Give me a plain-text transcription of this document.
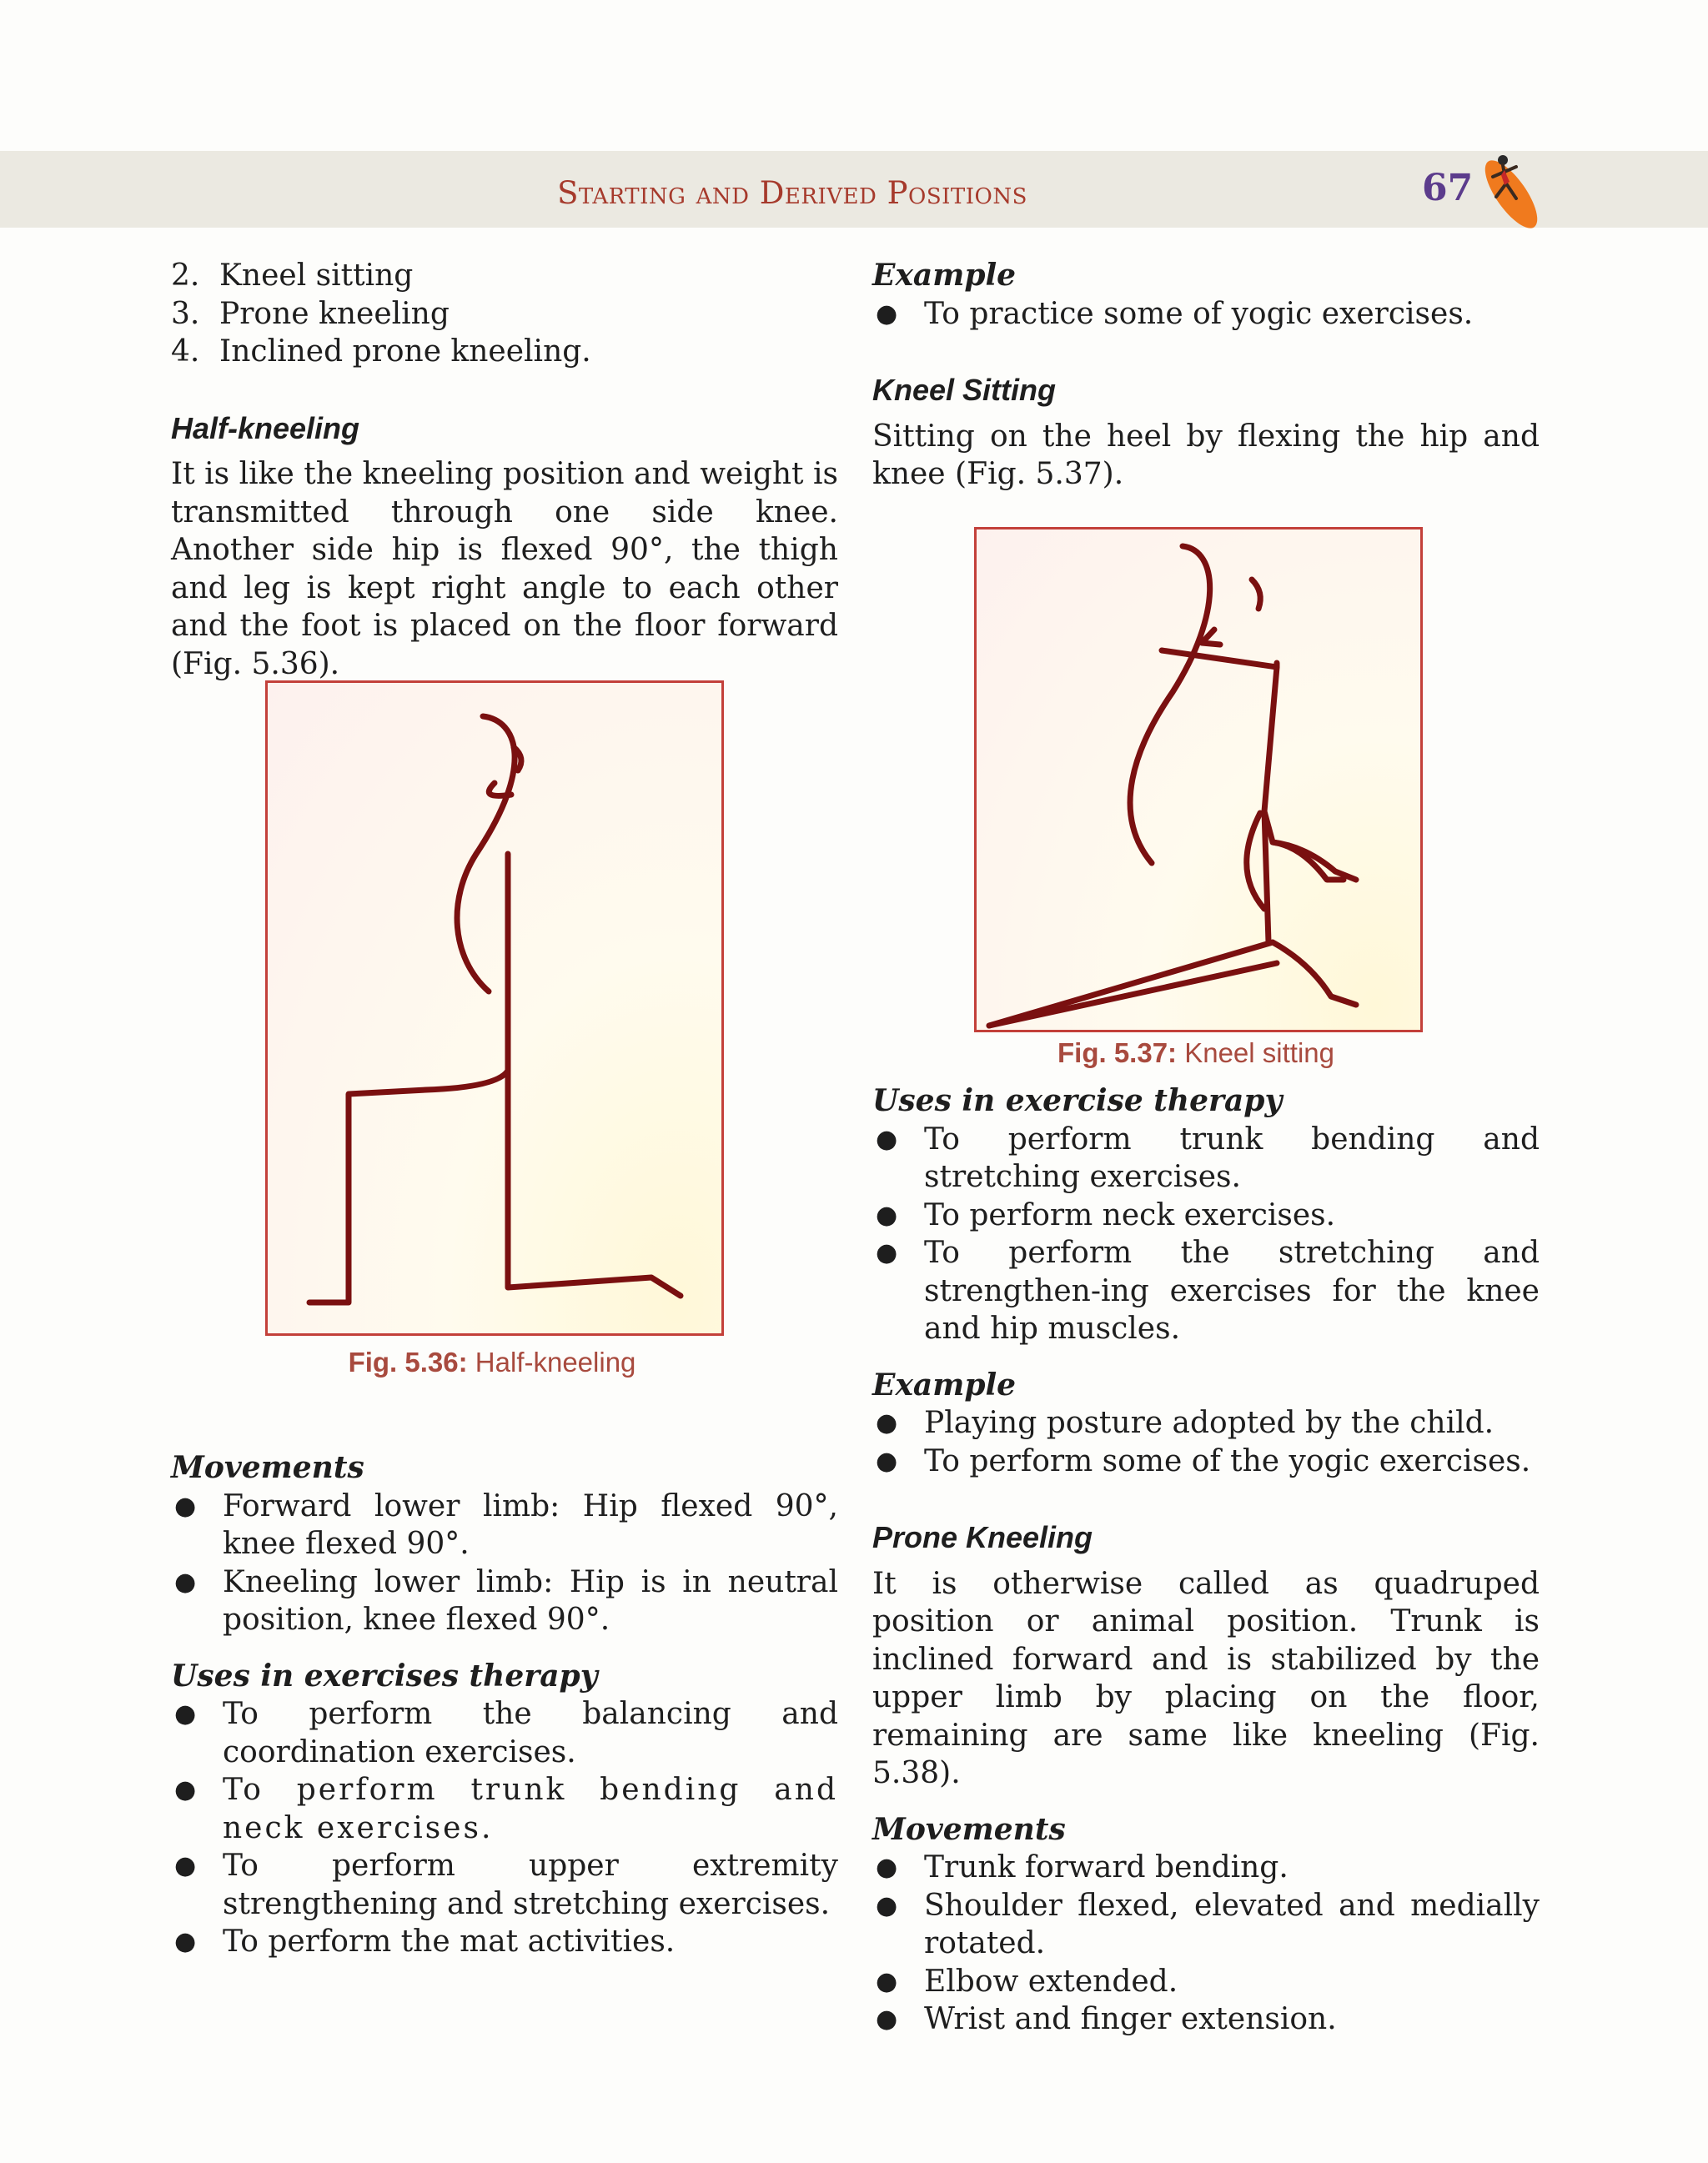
Starting and Derived Positions	67
2. Kneel sitting
3. Prone kneeling
4. Inclined prone kneeling.
Half-kneeling

It is like the kneeling position and weight is transmitted through one side knee. Another side hip is flexed 90°, the thigh and leg is kept right angle to each other and the foot is placed on the floor forward (Fig. 5.36).

Fig. 5.36: Half-kneeling
Movements
● Forward lower limb: Hip flexed 90°, knee flexed 90°.
● Kneeling lower limb: Hip is in neutral position, knee flexed 90°.
Uses in exercises therapy
● To perform the balancing and coordination exercises.
● To perform trunk bending and neck exercises.
● To perform upper extremity strengthening and stretching exercises.
● To perform the mat activities.
Example
● To practice some of yogic exercises.
Kneel Sitting

Sitting on the heel by flexing the hip and knee (Fig. 5.37).

Fig. 5.37: Kneel sitting
Uses in exercise therapy
● To perform trunk bending and stretching exercises.
● To perform neck exercises.
● To perform the stretching and strengthen-ing exercises for the knee and hip muscles.
Example
● Playing posture adopted by the child.
● To perform some of the yogic exercises.
Prone Kneeling

It is otherwise called as quadruped position or animal position. Trunk is inclined forward and is stabilized by the upper limb by placing on the floor, remaining are same like kneeling (Fig. 5.38).

Movements
● Trunk forward bending.
● Shoulder flexed, elevated and medially rotated.
● Elbow extended.
● Wrist and finger extension.
